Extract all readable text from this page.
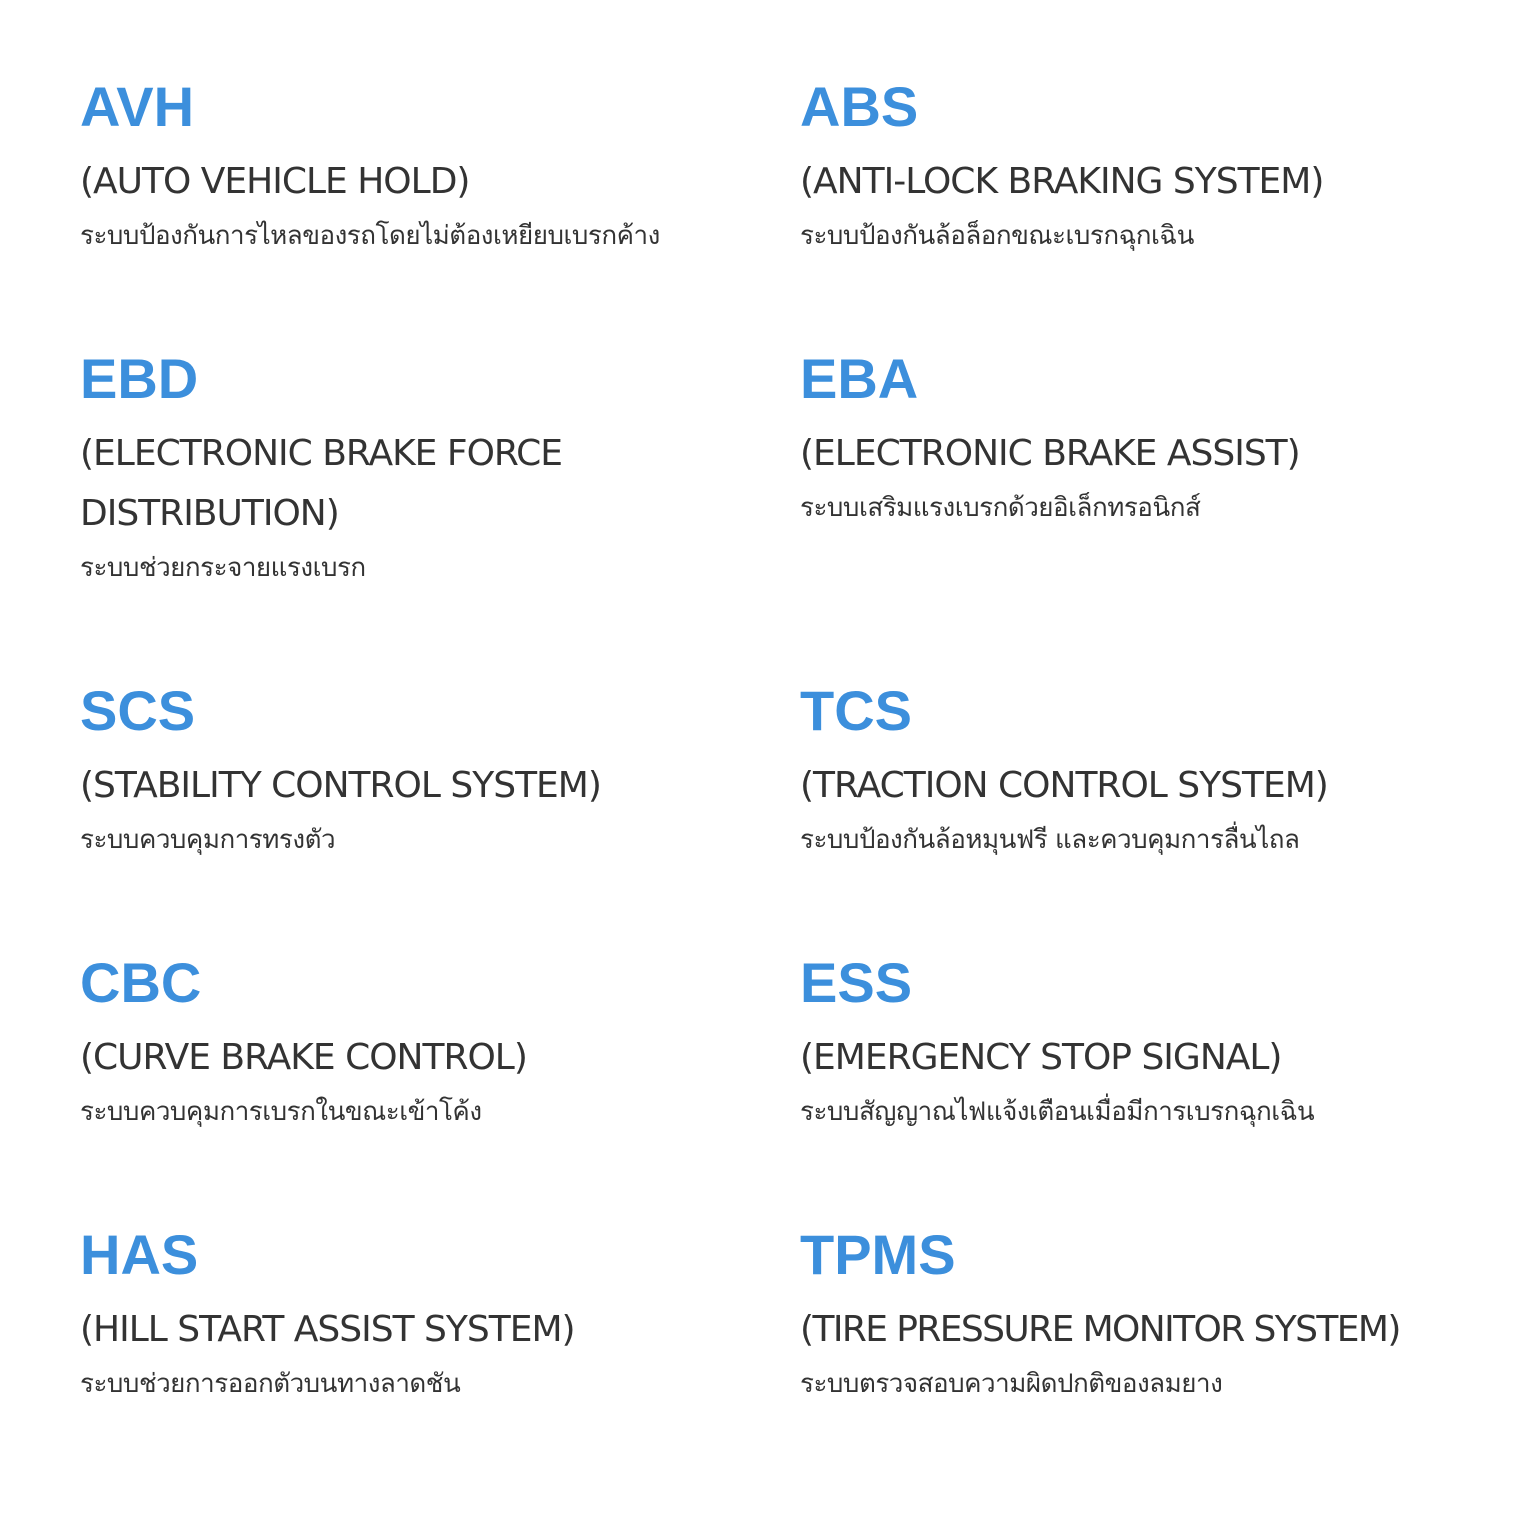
AVH

(AUTO VEHICLE HOLD)

ระบบป้องกันการไหลของรถโดยไม่ต้องเหยียบเบรกค้าง

ABS

(ANTI-LOCK BRAKING SYSTEM)

ระบบป้องกันล้อล็อกขณะเบรกฉุกเฉิน

EBD

(ELECTRONIC BRAKE FORCE DISTRIBUTION)

ระบบช่วยกระจายแรงเบรก

EBA

(ELECTRONIC BRAKE ASSIST)

ระบบเสริมแรงเบรกด้วยอิเล็กทรอนิกส์

SCS

(STABILITY CONTROL SYSTEM)

ระบบควบคุมการทรงตัว

TCS

(TRACTION CONTROL SYSTEM)

ระบบป้องกันล้อหมุนฟรี และควบคุมการลื่นไถล

CBC

(CURVE BRAKE CONTROL)

ระบบควบคุมการเบรกในขณะเข้าโค้ง

ESS

(EMERGENCY STOP SIGNAL)

ระบบสัญญาณไฟแจ้งเตือนเมื่อมีการเบรกฉุกเฉิน

HAS

(HILL START ASSIST SYSTEM)

ระบบช่วยการออกตัวบนทางลาดชัน

TPMS

(TIRE PRESSURE MONITOR SYSTEM)

ระบบตรวจสอบความผิดปกติของลมยาง
